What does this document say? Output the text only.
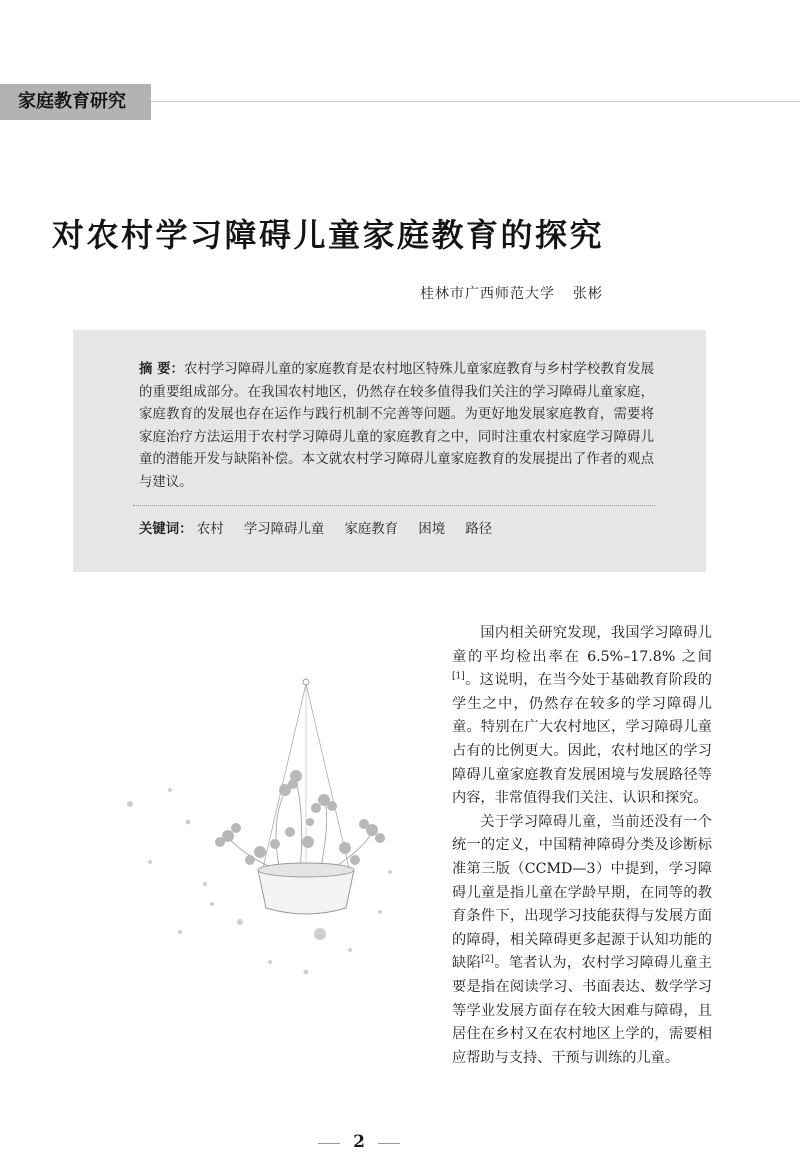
家庭教育研究
对农村学习障碍儿童家庭教育的探究
桂林市广西师范大学 张彬
摘 要：农村学习障碍儿童的家庭教育是农村地区特殊儿童家庭教育与乡村学校教育发展的重要组成部分。在我国农村地区，仍然存在较多值得我们关注的学习障碍儿童家庭，家庭教育的发展也存在运作与践行机制不完善等问题。为更好地发展家庭教育，需要将家庭治疗方法运用于农村学习障碍儿童的家庭教育之中，同时注重农村家庭学习障碍儿童的潜能开发与缺陷补偿。本文就农村学习障碍儿童家庭教育的发展提出了作者的观点与建议。
关键词： 农村 学习障碍儿童 家庭教育 困境 路径

国内相关研究发现，我国学习障碍儿童的平均检出率在 6.5%–17.8% 之间[1]。这说明，在当今处于基础教育阶段的学生之中，仍然存在较多的学习障碍儿童。特别在广大农村地区，学习障碍儿童占有的比例更大。因此，农村地区的学习障碍儿童家庭教育发展困境与发展路径等内容，非常值得我们关注、认识和探究。

关于学习障碍儿童，当前还没有一个统一的定义，中国精神障碍分类及诊断标准第三版（CCMD—3）中提到，学习障碍儿童是指儿童在学龄早期，在同等的教育条件下，出现学习技能获得与发展方面的障碍，相关障碍更多起源于认知功能的缺陷[2]。笔者认为，农村学习障碍儿童主要是指在阅读学习、书面表达、数学学习等学业发展方面存在较大困难与障碍，且居住在乡村又在农村地区上学的，需要相应帮助与支持、干预与训练的儿童。

2
